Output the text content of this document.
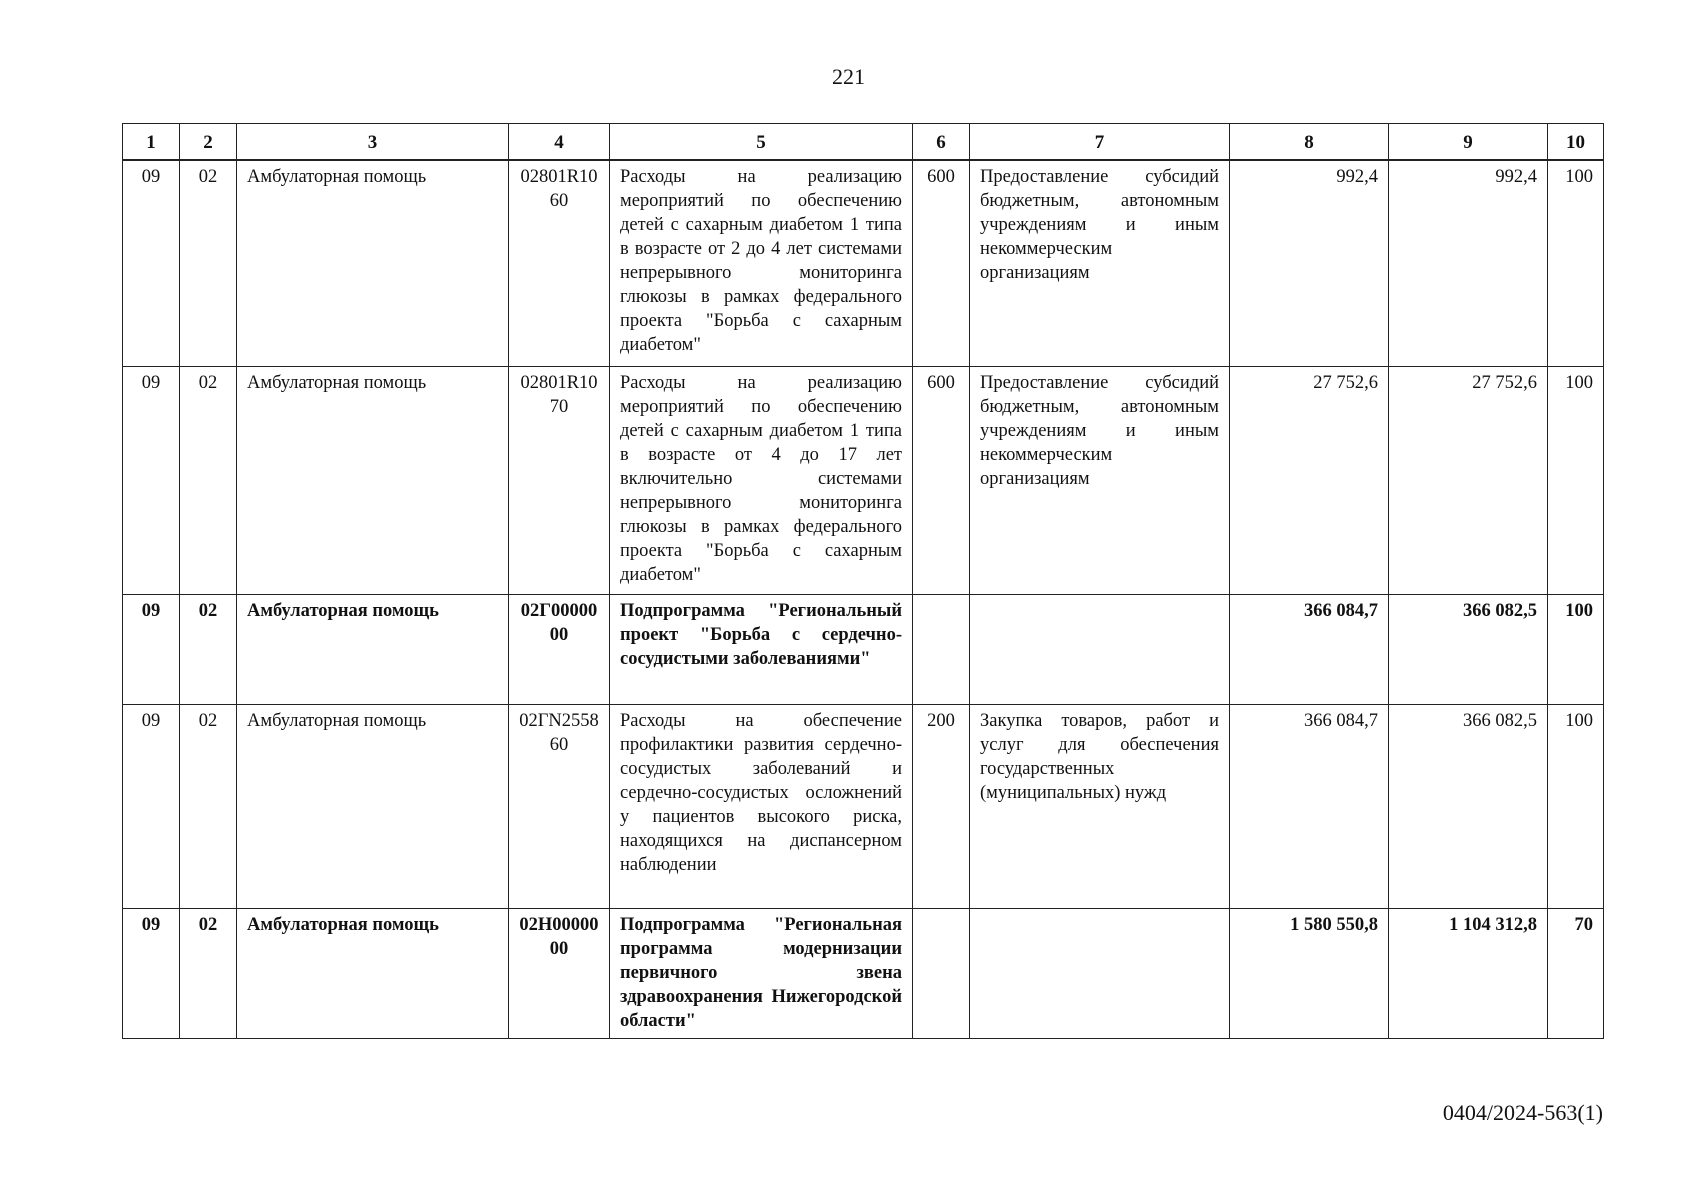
221
1	2	3	4	5	6	7	8	9	10
09	02	Амбулаторная помощь	02801R1060	Расходы на реализацию мероприятий по обеспечению детей с сахарным диабетом 1 типа в возрасте от 2 до 4 лет системами непрерывного мониторинга глюкозы в рамках федерального проекта "Борьба с сахарным диабетом"	600	Предоставление субсидий бюджетным, автономным учреждениям и иным некоммерческим организациям	992,4	992,4	100
09	02	Амбулаторная помощь	02801R1070	Расходы на реализацию мероприятий по обеспечению детей с сахарным диабетом 1 типа в возрасте от 4 до 17 лет включительно системами непрерывного мониторинга глюкозы в рамках федерального проекта "Борьба с сахарным диабетом"	600	Предоставление субсидий бюджетным, автономным учреждениям и иным некоммерческим организациям	27 752,6	27 752,6	100
09	02	Амбулаторная помощь	02Г0000000	Подпрограмма "Региональный проект "Борьба с сердечно-сосудистыми заболеваниями"			366 084,7	366 082,5	100
09	02	Амбулаторная помощь	02ГN255860	Расходы на обеспечение профилактики развития сердечно-сосудистых заболеваний и сердечно-сосудистых осложнений у пациентов высокого риска, находящихся на диспансерном наблюдении	200	Закупка товаров, работ и услуг для обеспечения государственных (муниципальных) нужд	366 084,7	366 082,5	100
09	02	Амбулаторная помощь	02Н0000000	Подпрограмма "Региональная программа модернизации первичного звена здравоохранения Нижегородской области"			1 580 550,8	1 104 312,8	70
0404/2024-563(1)
